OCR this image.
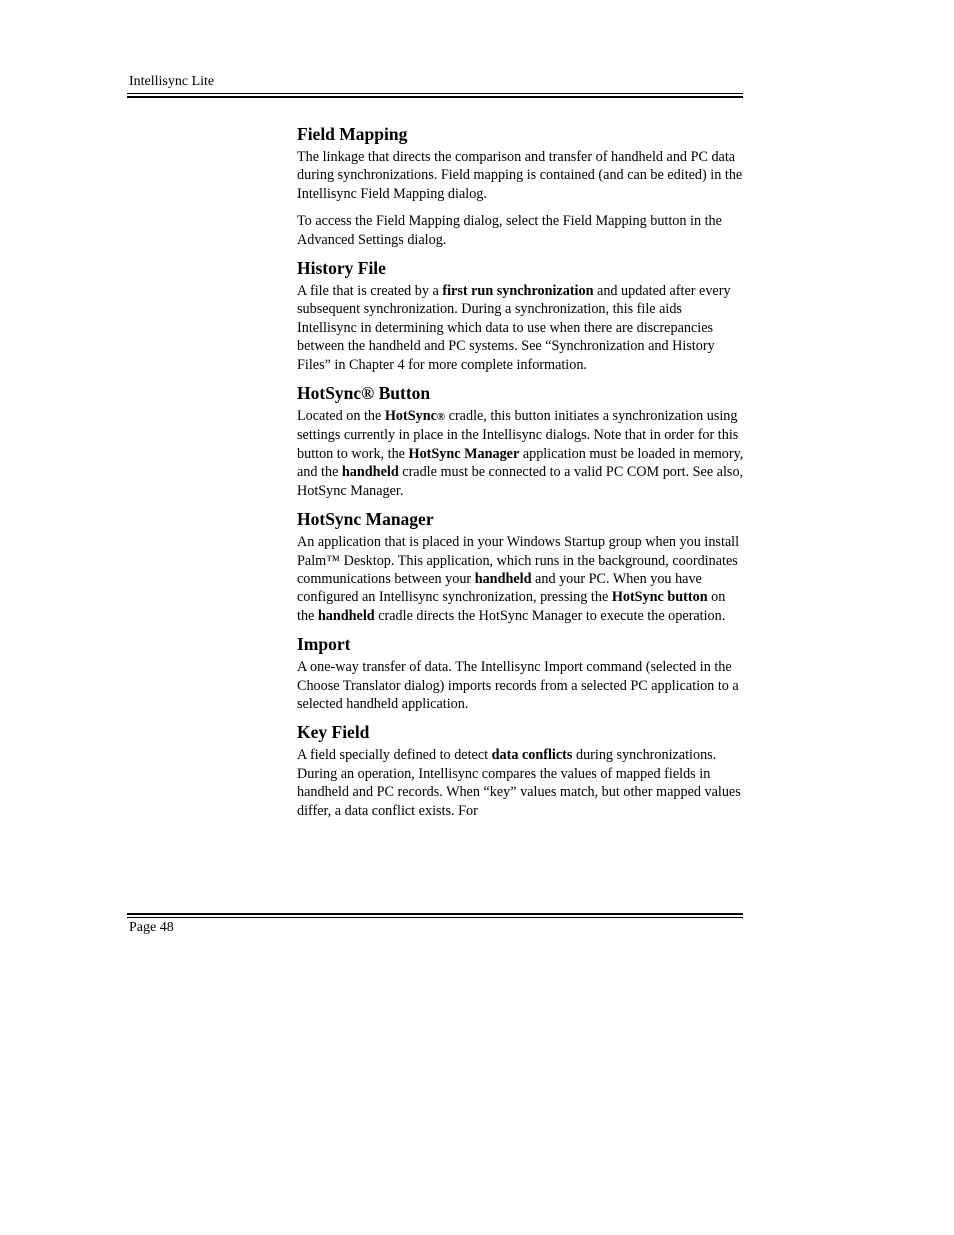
Intellisync Lite
Field Mapping

The linkage that directs the comparison and transfer of handheld and PC data during synchronizations. Field mapping is contained (and can be edited) in the Intellisync Field Mapping dialog.

To access the Field Mapping dialog, select the Field Mapping button in the Advanced Settings dialog.

History File

A file that is created by a first run synchronization and updated after every subsequent synchronization. During a synchronization, this file aids Intellisync in determining which data to use when there are discrepancies between the handheld and PC systems. See “Synchronization and History Files” in Chapter 4 for more complete information.

HotSync® Button

Located on the HotSync® cradle, this button initiates a synchronization using settings currently in place in the Intellisync dialogs. Note that in order for this button to work, the HotSync Manager application must be loaded in memory, and the handheld cradle must be connected to a valid PC COM port. See also, HotSync Manager.

HotSync Manager

An application that is placed in your Windows Startup group when you install Palm™ Desktop. This application, which runs in the background, coordinates communications between your handheld and your PC. When you have configured an Intellisync synchronization, pressing the HotSync button on the handheld cradle directs the HotSync Manager to execute the operation.

Import

A one-way transfer of data. The Intellisync Import command (selected in the Choose Translator dialog) imports records from a selected PC application to a selected handheld application.

Key Field

A field specially defined to detect data conflicts during synchronizations. During an operation, Intellisync compares the values of mapped fields in handheld and PC records. When “key” values match, but other mapped values differ, a data conflict exists. For

Page 48
